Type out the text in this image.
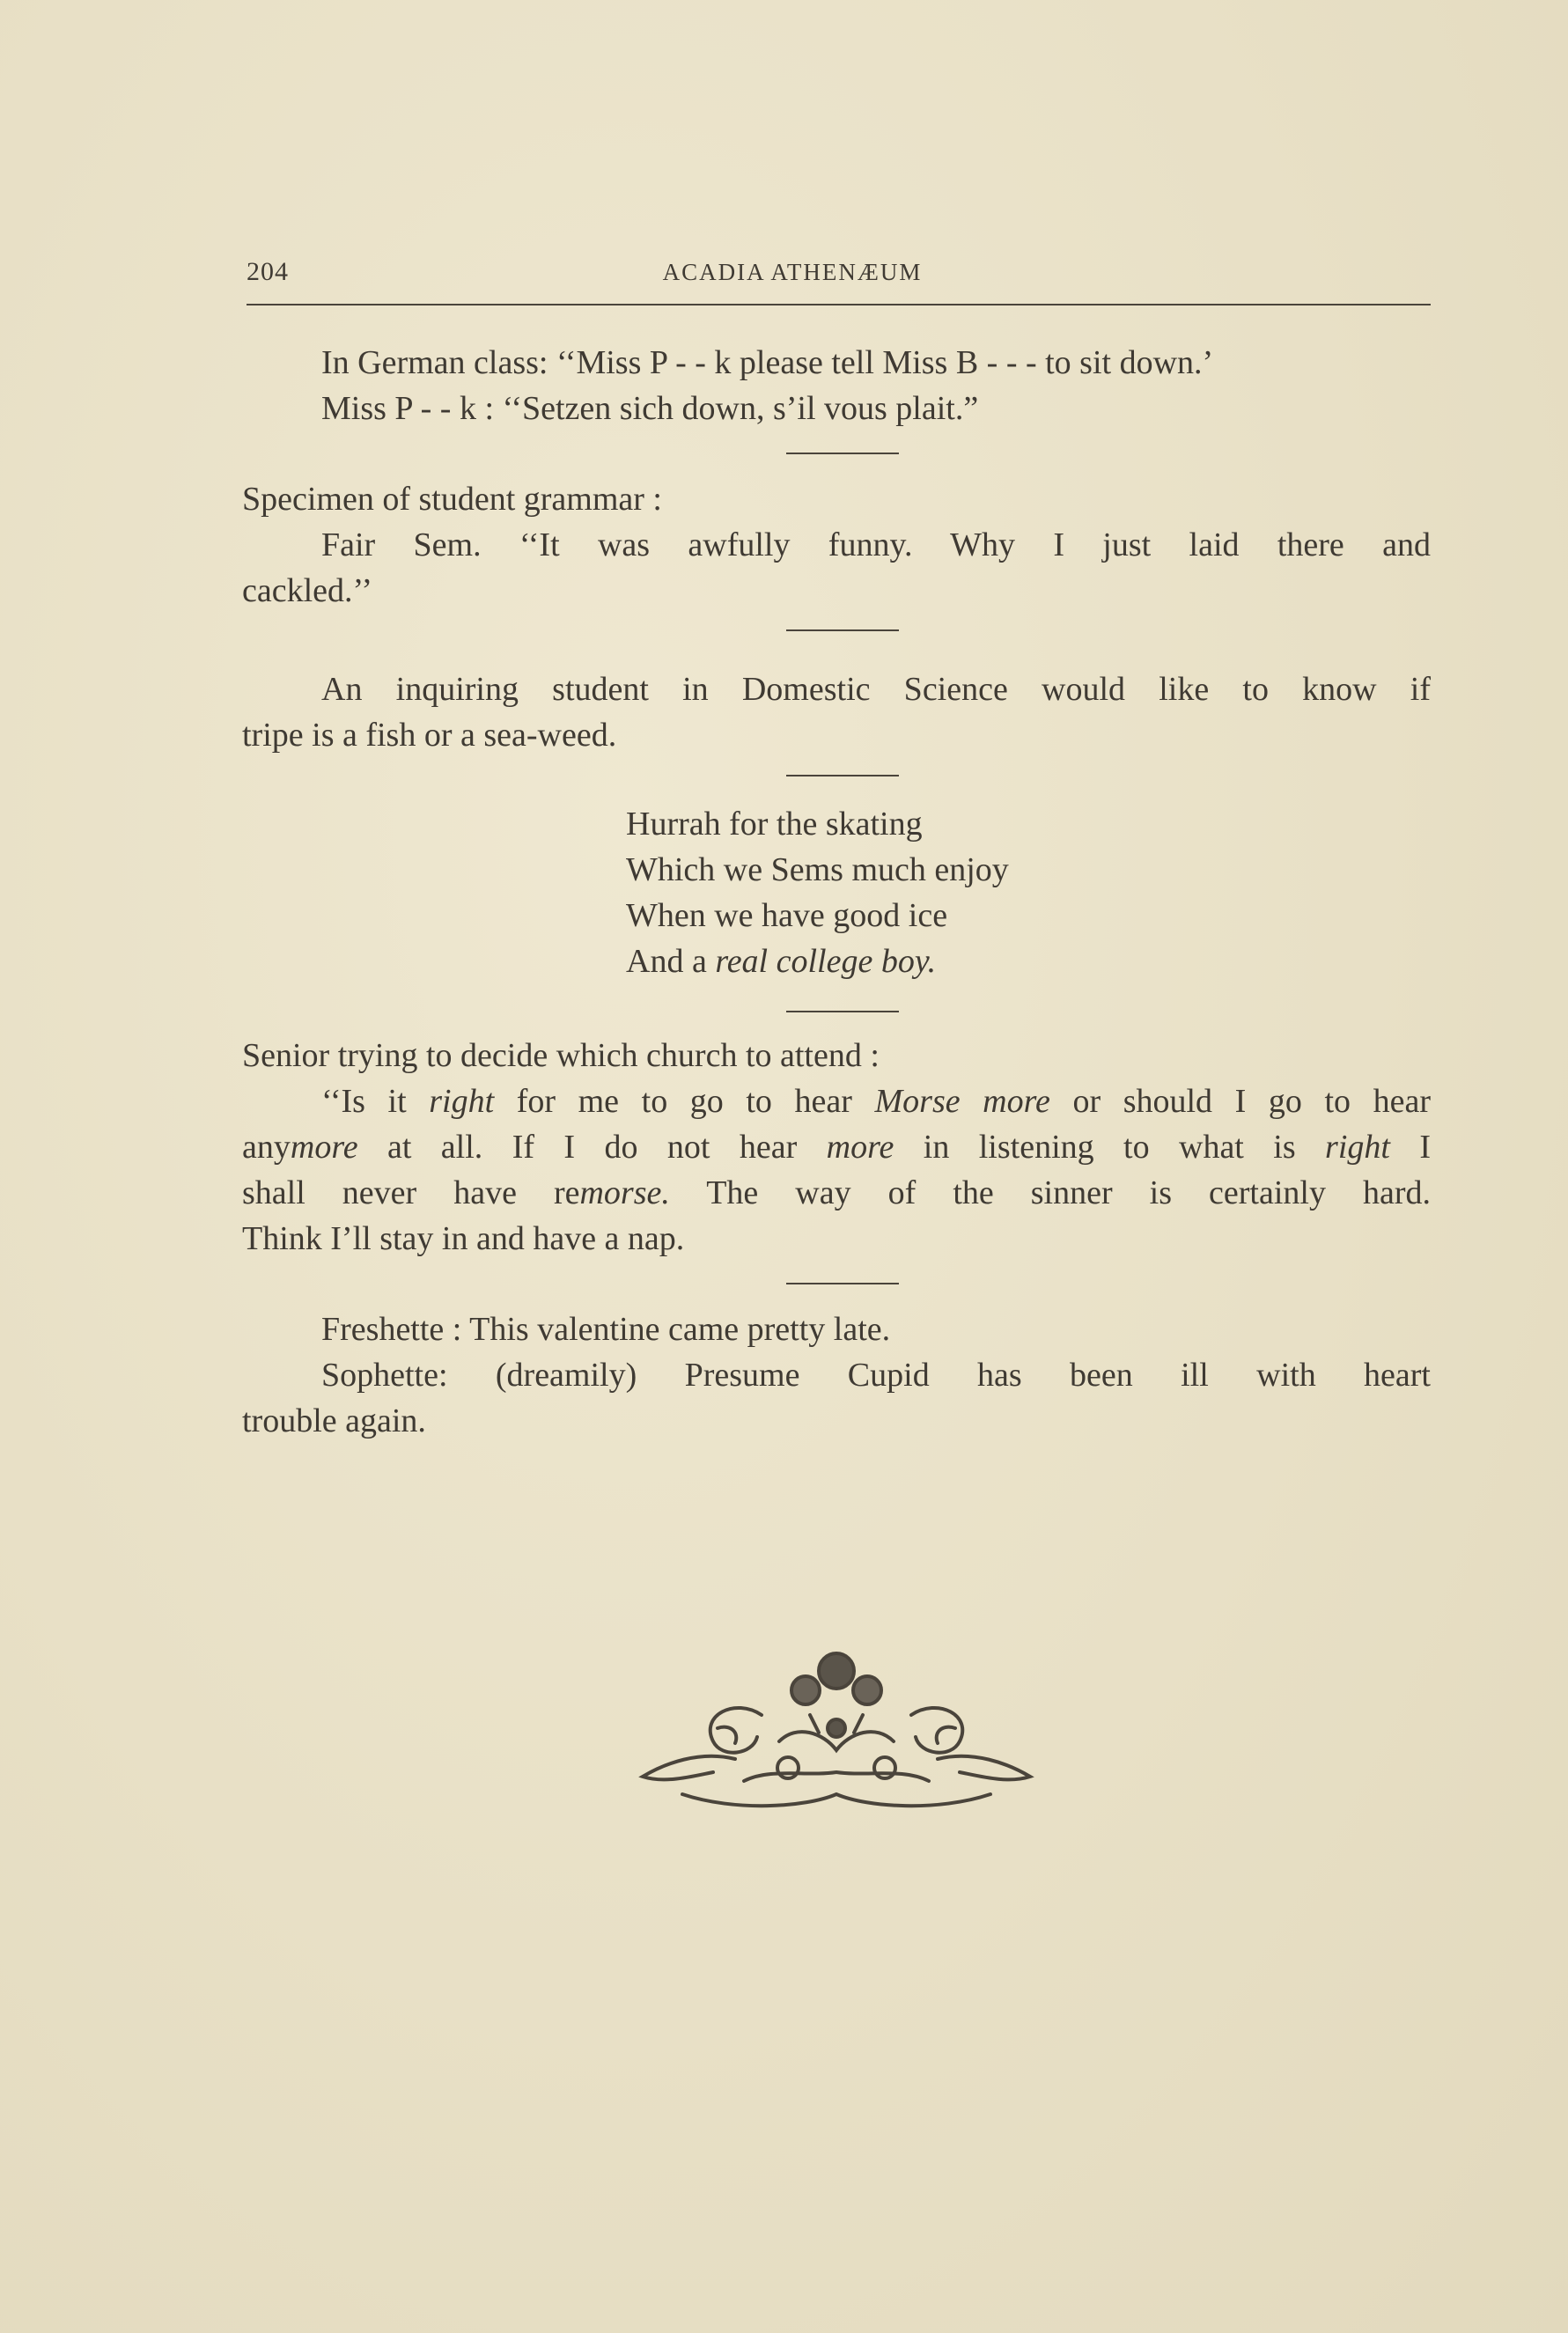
204	ACADIA ATHENÆUM
In German class: ‘‘Miss P - - k please tell Miss B - - - to sit down.’
Miss P - - k : ‘‘Setzen sich down, s’il vous plait.”
Specimen of student grammar :
Fair Sem. ‘‘It was awfully funny. Why I just laid there and
cackled.’’
An inquiring student in Domestic Science would like to know if
tripe is a fish or a sea-weed.
Hurrah for the skating
Which we Sems much enjoy
When we have good ice
And a real college boy.
Senior trying to decide which church to attend :
‘‘Is it right for me to go to hear Morse more or should I go to hear
anymore at all. If I do not hear more in listening to what is right I
shall never have remorse. The way of the sinner is certainly hard.
Think I’ll stay in and have a nap.
Freshette : This valentine came pretty late.
Sophette: (dreamily) Presume Cupid has been ill with heart
trouble again.
